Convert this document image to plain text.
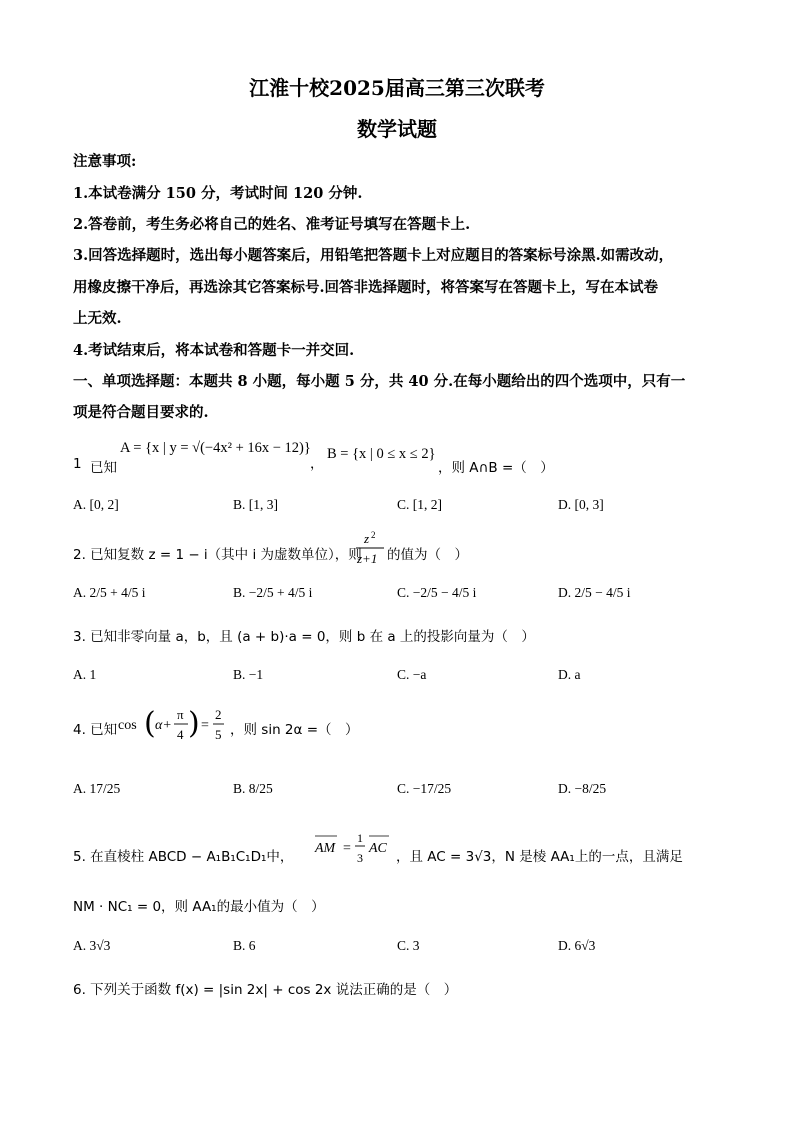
江淮十校2025届高三第三次联考
数学试题
注意事项:
1.本试卷满分 150 分，考试时间 120 分钟.
2.答卷前，考生务必将自己的姓名、准考证号填写在答题卡上.
3.回答选择题时，选出每小题答案后，用铅笔把答题卡上对应题目的答案标号涂黑.如需改动，
用橡皮擦干净后，再选涂其它答案标号.回答非选择题时，将答案写在答题卡上，写在本试卷
上无效.
4.考试结束后，将本试卷和答题卡一并交回.
一、单项选择题：本题共 8 小题，每小题 5 分，共 40 分.在每小题给出的四个选项中，只有一
项是符合题目要求的.
1 已知
A = {x | y = √(−4x² + 16x − 12)}
，
B = {x | 0 ≤ x ≤ 2}
，则 A∩B =（　）
A. [0, 2]	B. [1, 3]	C. [1, 2]	D. [0, 3]
2. 已知复数 z = 1 − i（其中 i 为虚数单位），则
z 2
z+1 的值为（　）
A. 2/5 + 4/5 i	B. −2/5 + 4/5 i	C. −2/5 − 4/5 i	D. 2/5 − 4/5 i
3. 已知非零向量 a，b，且 (a + b)·a = 0，则 b 在 a 上的投影向量为（　）
A. 1	B. −1	C. −a	D. a
4. 已知 cos ( α+
π
4 ) =
2
5 ，则 sin 2α =（　）
A. 17/25	B. 8/25	C. −17/25	D. −8/25
5. 在直棱柱 ABCD − A₁B₁C₁D₁中，
AM =
1
3
AC
，且 AC = 3√3，N 是棱 AA₁上的一点，且满足
NM · NC₁ = 0，则 AA₁的最小值为（　）
A. 3√3	B. 6	C. 3	D. 6√3
6. 下列关于函数 f(x) = |sin 2x| + cos 2x 说法正确的是（　）
